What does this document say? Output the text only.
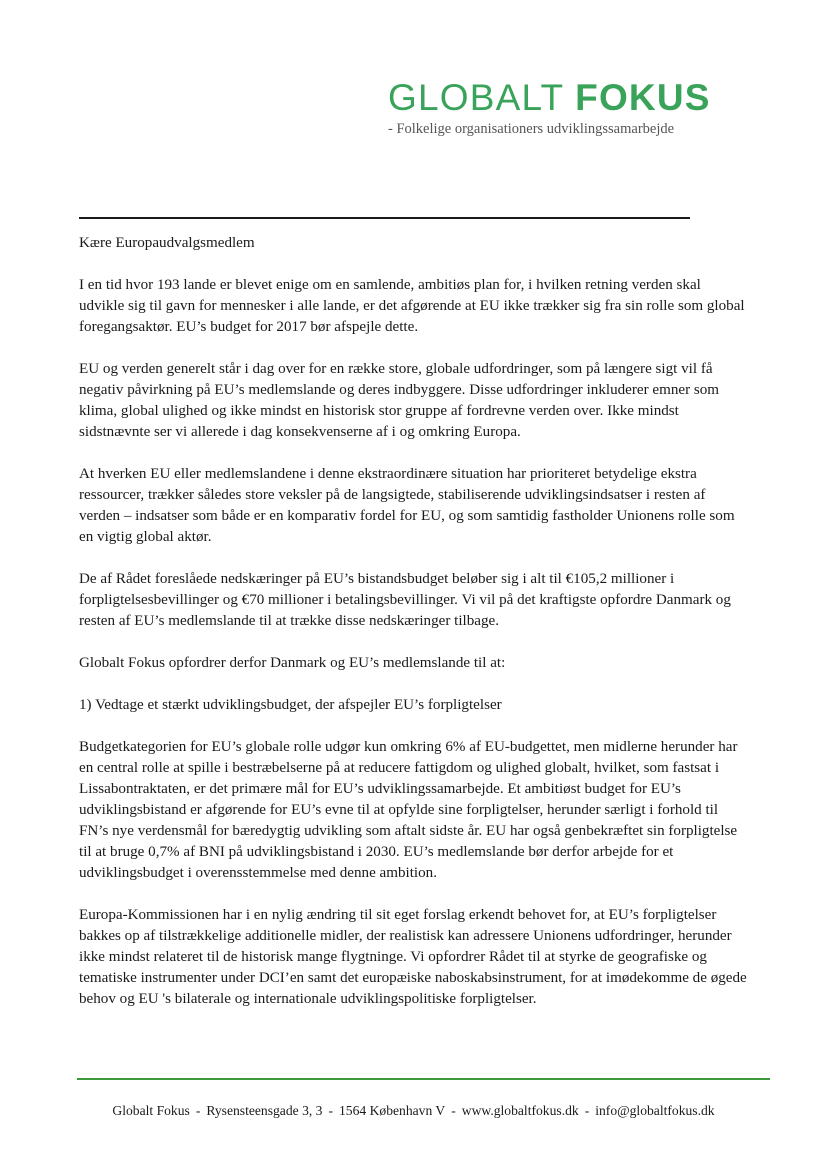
GLOBALT FOKUS
- Folkelige organisationers udviklingssamarbejde

Kære Europaudvalgsmedlem

I en tid hvor 193 lande er blevet enige om en samlende, ambitiøs plan for, i hvilken retning verden skal udvikle sig til gavn for mennesker i alle lande, er det afgørende at EU ikke trækker sig fra sin rolle som global foregangsaktør. EU’s budget for 2017 bør afspejle dette.

EU og verden generelt står i dag over for en række store, globale udfordringer, som på længere sigt vil få negativ påvirkning på EU’s medlemslande og deres indbyggere. Disse udfordringer inkluderer emner som klima, global ulighed og ikke mindst en historisk stor gruppe af fordrevne verden over. Ikke mindst sidstnævnte ser vi allerede i dag konsekvenserne af i og omkring Europa.

At hverken EU eller medlemslandene i denne ekstraordinære situation har prioriteret betydelige ekstra ressourcer, trækker således store veksler på de langsigtede, stabiliserende udviklingsindsatser i resten af verden – indsatser som både er en komparativ fordel for EU, og som samtidig fastholder Unionens rolle som en vigtig global aktør.

De af Rådet foreslåede nedskæringer på EU’s bistandsbudget beløber sig i alt til €105,2 millioner i forpligtelsesbevillinger og €70 millioner i betalingsbevillinger. Vi vil på det kraftigste opfordre Danmark og resten af EU’s medlemslande til at trække disse nedskæringer tilbage.

Globalt Fokus opfordrer derfor Danmark og EU’s medlemslande til at:

1) Vedtage et stærkt udviklingsbudget, der afspejler EU’s forpligtelser

Budgetkategorien for EU’s globale rolle udgør kun omkring 6% af EU-budgettet, men midlerne herunder har en central rolle at spille i bestræbelserne på at reducere fattigdom og ulighed globalt, hvilket, som fastsat i Lissabontraktaten, er det primære mål for EU’s udviklingssamarbejde. Et ambitiøst budget for EU’s udviklingsbistand er afgørende for EU’s evne til at opfylde sine forpligtelser, herunder særligt i forhold til FN’s nye verdensmål for bæredygtig udvikling som aftalt sidste år. EU har også genbekræftet sin forpligtelse til at bruge 0,7% af BNI på udviklingsbistand i 2030. EU’s medlemslande bør derfor arbejde for et udviklingsbudget i overensstemmelse med denne ambition.

Europa-Kommissionen har i en nylig ændring til sit eget forslag erkendt behovet for, at EU’s forpligtelser bakkes op af tilstrækkelige additionelle midler, der realistisk kan adressere Unionens udfordringer, herunder ikke mindst relateret til de historisk mange flygtninge. Vi opfordrer Rådet til at styrke de geografiske og tematiske instrumenter under DCI’en samt det europæiske naboskabsinstrument, for at imødekomme de øgede behov og EU 's bilaterale og internationale udviklingspolitiske forpligtelser.

Globalt Fokus - Rysensteensgade 3, 3 - 1564 København V - www.globaltfokus.dk - info@globaltfokus.dk
